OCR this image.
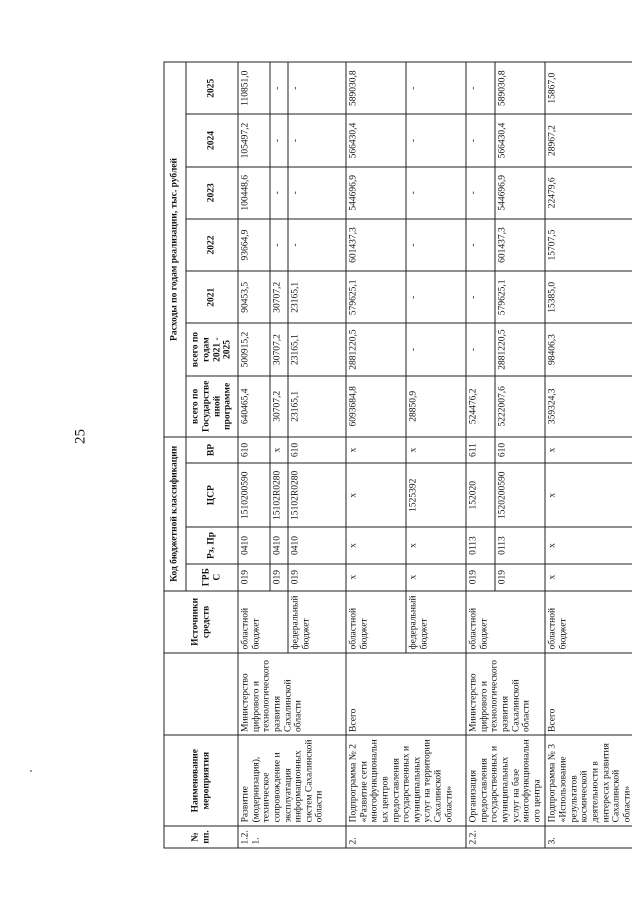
25
№ пп.	Наименование мероприятия		Источники средств	Код бюджетной классификации				Расходы по годам реализации, тыс. рублей						
				ГРБС	Рз, Пр	ЦСР	ВР	всего по Государственной программе	всего по годам 2021 - 2025	2021	2022	2023	2024	2025
1.2.1.	Развитие (модернизация), техническое сопровождение и эксплуатация информационных систем Сахалинской области	Министерство цифрового и технологического развития Сахалинской области	областной бюджет	019	0410	1510200590	610	640465,4	500915,2	90453,5	93664,9	100448,6	105497,2	110851,0
				019	0410	15102R0280	x	30707,2	30707,2	30707,2	-	-	-	-
			федеральный бюджет	019	0410	15102R0280	610	23165,1	23165,1	23165,1	-	-	-	-
2.	Подпрограмма № 2 «Развитие сети многофункциональных центров предоставления государственных и муниципальных услуг на территории Сахалинской области»	Всего	областной бюджет	x	x	x	x	6093684,8	2881220,5	579625,1	601437,3	544696,9	566430,4	589030,8
			федеральный бюджет	x	x	1525392	x	28850,9	-	-	-	-	-	-
2.2.	Организация предоставления государственных и муниципальных услуг на базе многофункционального центра	Министерство цифрового и технологического развития Сахалинской области	областной бюджет	019	0113	152020	611	524476,2	-	-	-	-	-	-
				019	0113	1520200590	610	5222007,6	2881220,5	579625,1	601437,3	544696,9	566430,4	589030,8
3.	Подпрограмма № 3 «Использование результатов космической деятельности в интересах развития Сахалинской области»	Всего	областной бюджет	x	x	x	x	359324,3	98406,3	15385,0	15707,5	22479,6	28967,2	15867,0
